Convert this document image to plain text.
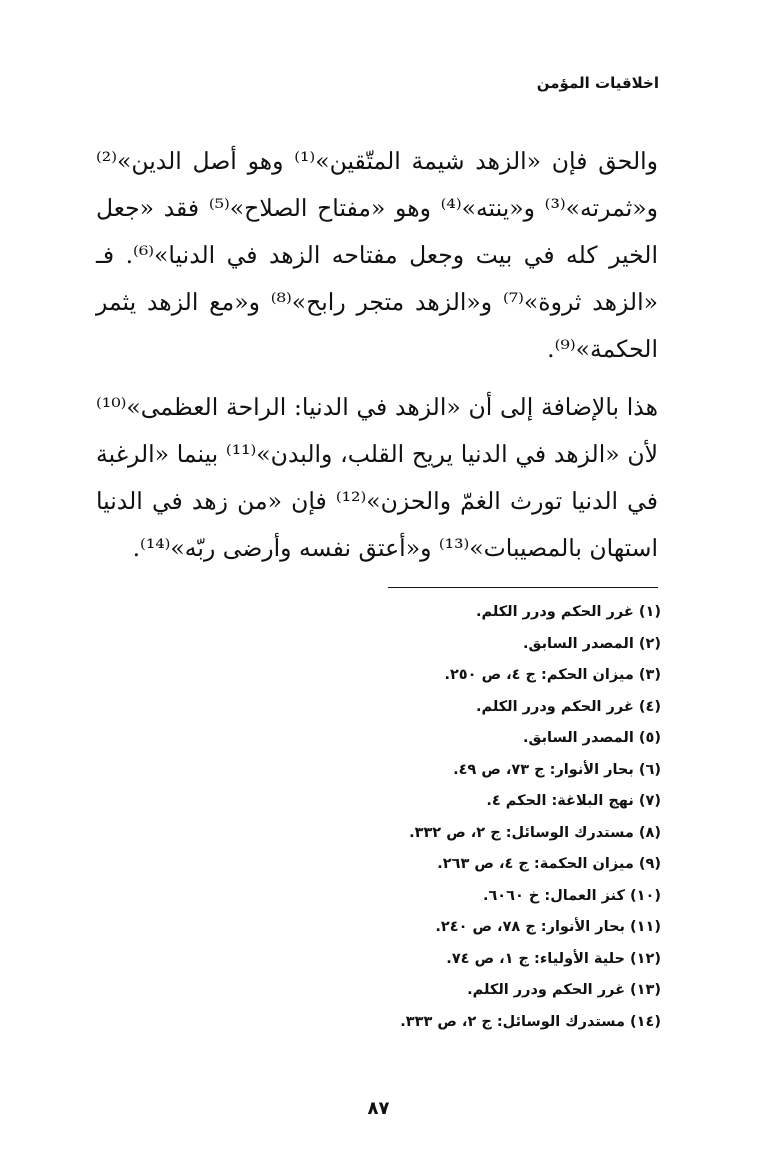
اخلاقيات المؤمن

والحق فإن «الزهد شيمة المتّقين»⁽¹⁾ وهو أصل الدين»⁽²⁾ و«ثمرته»⁽³⁾ و«ينته»⁽⁴⁾ وهو «مفتاح الصلاح»⁽⁵⁾ فقد «جعل الخير كله في بيت وجعل مفتاحه الزهد في الدنيا»⁽⁶⁾. فـ «الزهد ثروة»⁽⁷⁾ و«الزهد متجر رابح»⁽⁸⁾ و«مع الزهد يثمر الحكمة»⁽⁹⁾.

هذا بالإضافة إلى أن «الزهد في الدنيا: الراحة العظمى»⁽¹⁰⁾ لأن «الزهد في الدنيا يريح القلب، والبدن»⁽¹¹⁾ بينما «الرغبة في الدنيا تورث الغمّ والحزن»⁽¹²⁾ فإن «من زهد في الدنيا استهان بالمصيبات»⁽¹³⁾ و«أعتق نفسه وأرضى ربّه»⁽¹⁴⁾.

(١) غرر الحكم ودرر الكلم.
(٢) المصدر السابق.
(٣) ميزان الحكم: ج ٤، ص ٢٥٠.
(٤) غرر الحكم ودرر الكلم.
(٥) المصدر السابق.
(٦) بحار الأنوار: ج ٧٣، ص ٤٩.
(٧) نهج البلاغة: الحكم ٤.
(٨) مستدرك الوسائل: ج ٢، ص ٣٣٢.
(٩) ميزان الحكمة: ج ٤، ص ٢٦٣.
(١٠) كنز العمال: خ ٦٠٦٠.
(١١) بحار الأنوار: ج ٧٨، ص ٢٤٠.
(١٢) حلية الأولياء: ج ١، ص ٧٤.
(١٣) غرر الحكم ودرر الكلم.
(١٤) مستدرك الوسائل: ج ٢، ص ٣٣٣.
٨٧
